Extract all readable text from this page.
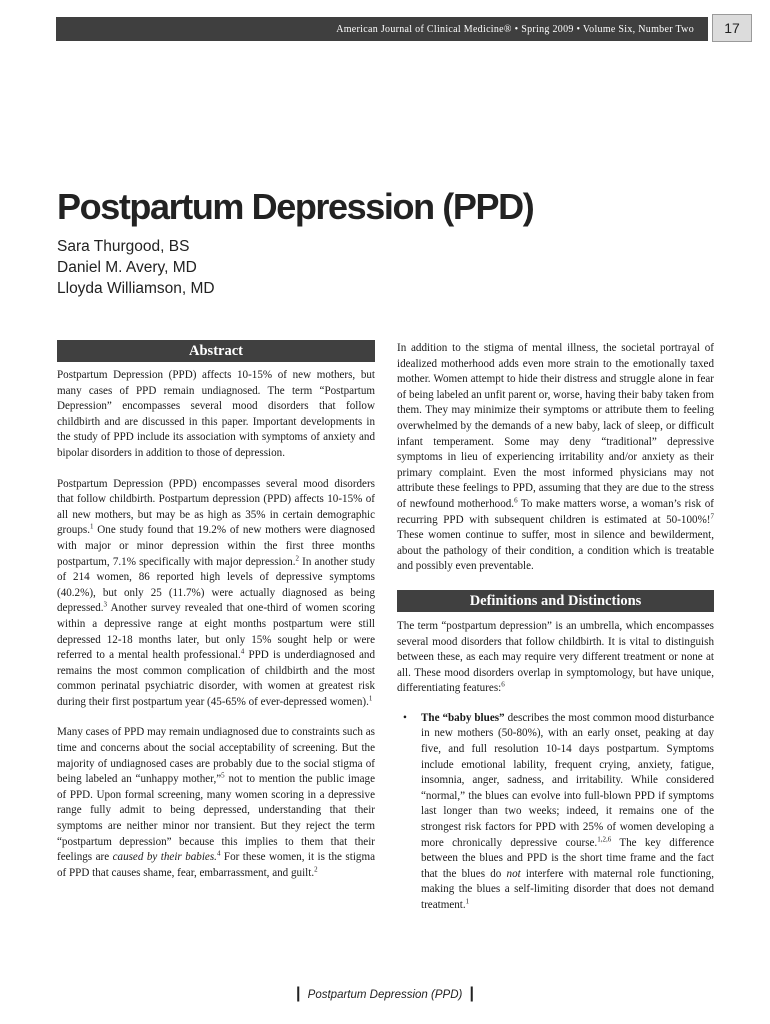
American Journal of Clinical Medicine® • Spring 2009 • Volume Six, Number Two	17
Postpartum Depression (PPD)
Sara Thurgood, BS
Daniel M. Avery, MD
Lloyda Williamson, MD
Abstract

Postpartum Depression (PPD) affects 10-15% of new mothers, but many cases of PPD remain undiagnosed. The term “Postpartum Depression” encompasses several mood disorders that follow childbirth and are discussed in this paper. Important developments in the study of PPD include its association with symptoms of anxiety and bipolar disorders in addition to those of depression.

Postpartum Depression (PPD) encompasses several mood disorders that follow childbirth. Postpartum depression (PPD) affects 10-15% of all new mothers, but may be as high as 35% in certain demographic groups.$^1$ One study found that 19.2% of new mothers were diagnosed with major or minor depression within the first three months postpartum, 7.1% specifically with major depression.$^2$ In another study of 214 women, 86 reported high levels of depressive symptoms (40.2%), but only 25 (11.7%) were actually diagnosed as being depressed.$^3$ Another survey revealed that one-third of women scoring within a depressive range at eight months postpartum were still depressed 12-18 months later, but only 15% sought help or were referred to a mental health professional.$^4$ PPD is underdiagnosed and remains the most common complication of childbirth and the most common perinatal psychiatric disorder, with women at greatest risk during their first postpartum year (45-65% of ever-depressed women).$^1$

Many cases of PPD may remain undiagnosed due to constraints such as time and concerns about the social acceptability of screening. But the majority of undiagnosed cases are probably due to the social stigma of being labeled an “unhappy mother,”$^5$ not to mention the public image of PPD. Upon formal screening, many women scoring in a depressive range fully admit to being depressed, understanding that their symptoms are neither minor nor transient. But they reject the term “postpartum depression” because this implies to them that their feelings are caused by their babies.$^4$ For these women, it is the stigma of PPD that causes shame, fear, embarrassment, and guilt.$^2$

In addition to the stigma of mental illness, the societal portrayal of idealized motherhood adds even more strain to the emotionally taxed mother. Women attempt to hide their distress and struggle alone in fear of being labeled an unfit parent or, worse, having their baby taken from them. They may minimize their symptoms or attribute them to feeling overwhelmed by the demands of a new baby, lack of sleep, or difficult infant temperament. Some may deny “traditional” depressive symptoms in lieu of experiencing irritability and/or anxiety as their primary complaint. Even the most informed physicians may not attribute these feelings to PPD, assuming that they are due to the stress of newfound motherhood.$^6$ To make matters worse, a woman’s risk of recurring PPD with subsequent children is estimated at 50-100%!$^7$ These women continue to suffer, most in silence and bewilderment, about the pathology of their condition, a condition which is treatable and possibly even preventable.

Definitions and Distinctions

The term “postpartum depression” is an umbrella, which encompasses several mood disorders that follow childbirth. It is vital to distinguish between these, as each may require very different treatment or none at all. These mood disorders overlap in symptomology, but have unique, differentiating features:$^6$

•	The “baby blues” describes the most common mood disturbance in new mothers (50-80%), with an early onset, peaking at day five, and full resolution 10-14 days postpartum. Symptoms include emotional lability, frequent crying, anxiety, fatigue, insomnia, anger, sadness, and irritability. While considered “normal,” the blues can evolve into full-blown PPD if symptoms last longer than two weeks; indeed, it remains one of the strongest risk factors for PPD with 25% of women developing a more chronically depressive course.$^{1,2,6}$ The key difference between the blues and PPD is the short time frame and the fact that the blues do not interfere with maternal role functioning, making the blues a self-limiting disorder that does not demand treatment.$^1$
| Postpartum Depression (PPD) |
